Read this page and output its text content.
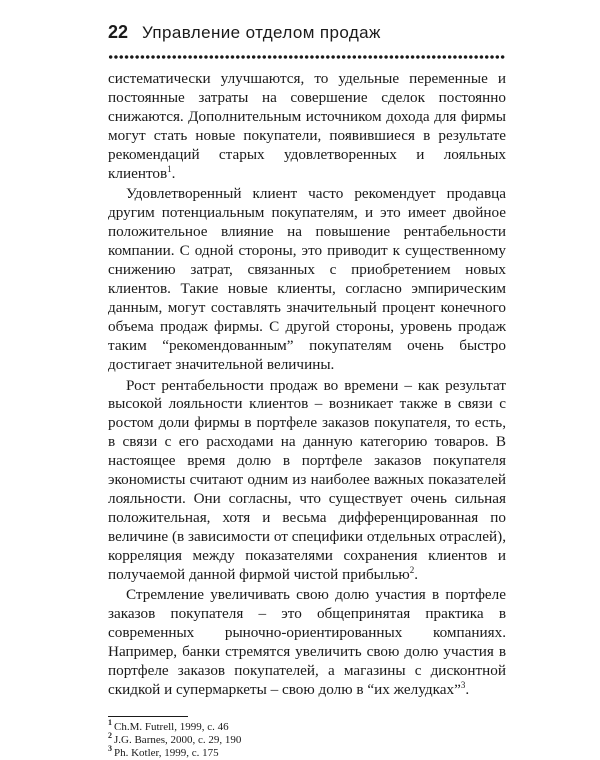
22 Управление отделом продаж

систематически улучшаются, то удельные переменные и постоянные затраты на совершение сделок постоянно снижаются. Дополнительным источником дохода для фирмы могут стать новые покупатели, появившиеся в результате рекомендаций старых удовлетворенных и лояльных клиентов$^1$.

Удовлетворенный клиент часто рекомендует продавца другим потенциальным покупателям, и это имеет двойное положительное влияние на повышение рентабельности компании. С одной стороны, это приводит к существенному снижению затрат, связанных с приобретением новых клиентов. Такие новые клиенты, согласно эмпирическим данным, могут составлять значительный процент конечного объема продаж фирмы. С другой стороны, уровень продаж таким “рекомендованным” покупателям очень быстро достигает значительной величины.

Рост рентабельности продаж во времени – как результат высокой лояльности клиентов – возникает также в связи с ростом доли фирмы в портфеле заказов покупателя, то есть, в связи с его расходами на данную категорию товаров. В настоящее время долю в портфеле заказов покупателя экономисты считают одним из наиболее важных показателей лояльности. Они согласны, что существует очень сильная положительная, хотя и весьма дифференцированная по величине (в зависимости от специфики отдельных отраслей), корреляция между показателями сохранения клиентов и получаемой данной фирмой чистой прибылью$^2$.

Стремление увеличивать свою долю участия в портфеле заказов покупателя – это общепринятая практика в современных рыночно-ориентированных компаниях. Например, банки стремятся увеличить свою долю участия в портфеле заказов покупателей, а магазины с дисконтной скидкой и супермаркеты – свою долю в “их желудках”$^3$.

$^1$ Ch.M. Futrell, 1999, с. 46
$^2$ J.G. Barnes, 2000, с. 29, 190
$^3$ Ph. Kotler, 1999, с. 175
